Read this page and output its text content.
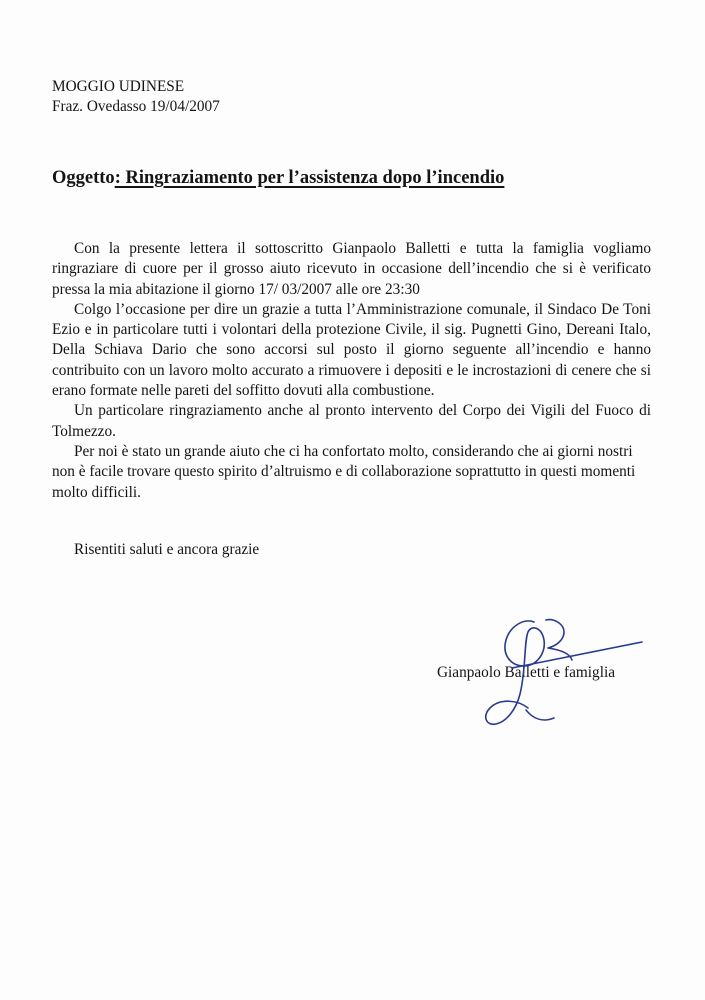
MOGGIO UDINESE
Fraz. Ovedasso 19/04/2007
Oggetto: Ringraziamento per l’assistenza dopo l’incendio

Con la presente lettera il sottoscritto Gianpaolo Balletti e tutta la famiglia vogliamo ringraziare di cuore per il grosso aiuto ricevuto in occasione dell’incendio che si è verificato pressa la mia abitazione il giorno 17/ 03/2007 alle ore 23:30

Colgo l’occasione per dire un grazie a tutta l’Amministrazione comunale, il Sindaco De Toni Ezio e in particolare tutti i volontari della protezione Civile, il sig. Pugnetti Gino, Dereani Italo, Della Schiava Dario che sono accorsi sul posto il giorno seguente all’incendio e hanno contribuito con un lavoro molto accurato a rimuovere i depositi e le incrostazioni di cenere che si erano formate nelle pareti del soffitto dovuti alla combustione.

Un particolare ringraziamento anche al pronto intervento del Corpo dei Vigili del Fuoco di Tolmezzo.

Per noi è stato un grande aiuto che ci ha confortato molto, considerando che ai giorni nostri non è facile trovare questo spirito d’altruismo e di collaborazione soprattutto in questi momenti molto difficili.

Risentiti saluti e ancora grazie
Gianpaolo Balletti e famiglia
